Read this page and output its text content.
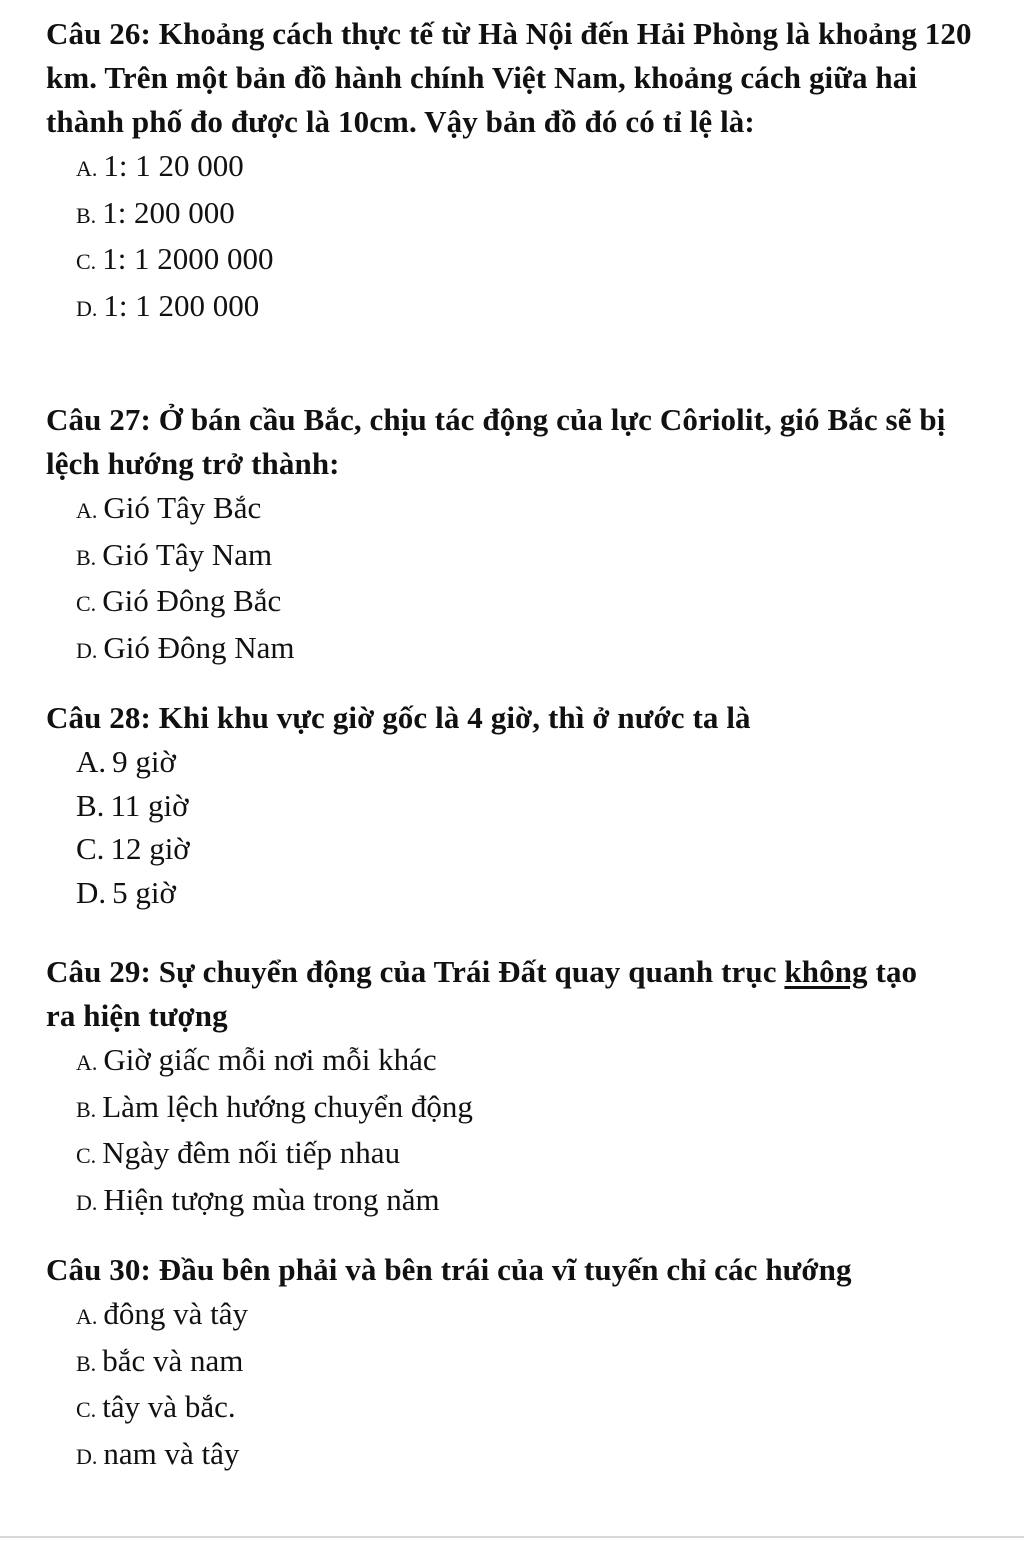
Câu 26: Khoảng cách thực tế từ Hà Nội đến Hải Phòng là khoảng 120 km. Trên một bản đồ hành chính Việt Nam, khoảng cách giữa hai thành phố đo được là 10cm. Vậy bản đồ đó có tỉ lệ là:

A. 1: 1 20 000
B. 1: 200 000
C. 1: 1 2000 000
D. 1: 1 200 000

Câu 27: Ở bán cầu Bắc, chịu tác động của lực Côriolit, gió Bắc sẽ bị lệch hướng trở thành:

A. Gió Tây Bắc
B. Gió Tây Nam
C. Gió Đông Bắc
D. Gió Đông Nam

Câu 28: Khi khu vực giờ gốc là 4 giờ, thì ở nước ta là

A. 9 giờ
B. 11 giờ
C. 12 giờ
D. 5 giờ

Câu 29: Sự chuyển động của Trái Đất quay quanh trục không tạo ra hiện tượng

A. Giờ giấc mỗi nơi mỗi khác
B. Làm lệch hướng chuyển động
C. Ngày đêm nối tiếp nhau
D. Hiện tượng mùa trong năm

Câu 30: Đầu bên phải và bên trái của vĩ tuyến chỉ các hướng

A. đông và tây
B. bắc và nam
C. tây và bắc.
D. nam và tây
